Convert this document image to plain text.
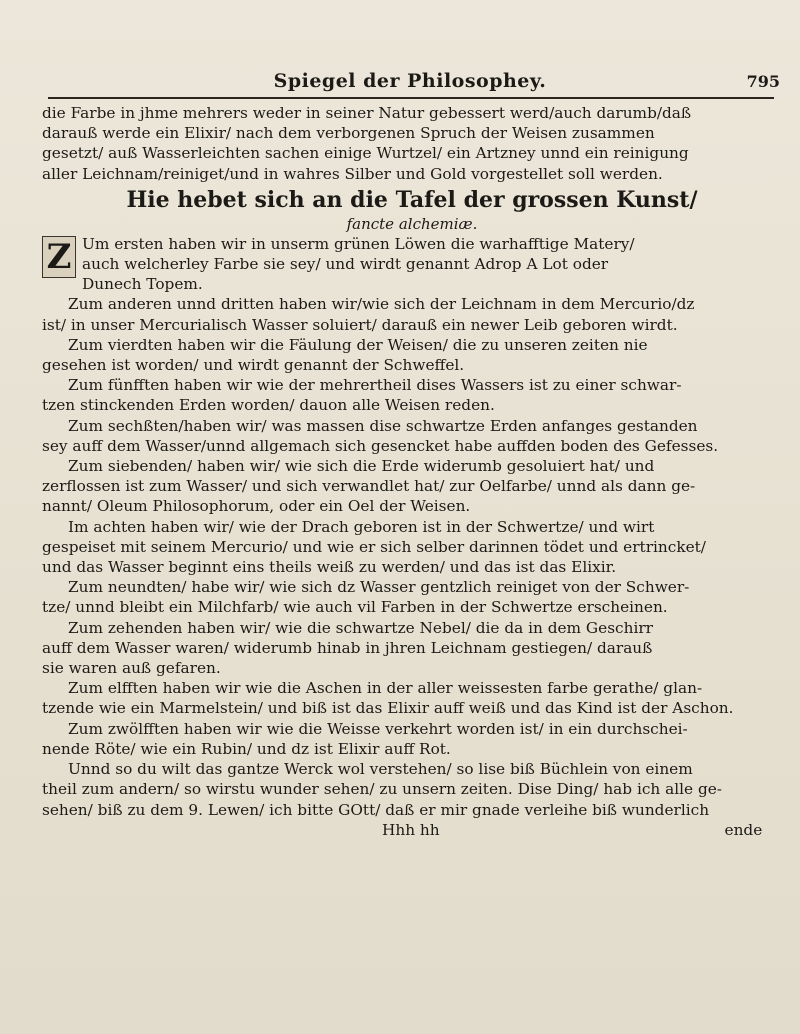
Spiegel der Philosophey.	795
die Farbe in jhme mehrers weder in seiner Natur gebessert werd/auch darumb/daß
darauß werde ein Elixir/ nach dem verborgenen Spruch der Weisen zusammen
gesetzt/ auß Wasserleichten sachen einige Wurtzel/ ein Artzney unnd ein reinigung
aller Leichnam/reiniget/und in wahres Silber und Gold vorgestellet soll werden.
Hie hebet sich an die Tafel der grossen Kunst/
fancte alchemiæ.
Z Um ersten haben wir in unserm grünen Löwen die warhafftige Matery/
auch welcherley Farbe sie sey/ und wirdt genannt Adrop A Lot oder
Dunech Topem.
Zum anderen unnd dritten haben wir/wie sich der Leichnam in dem Mercurio/dz
ist/ in unser Mercurialisch Wasser soluiert/ darauß ein newer Leib geboren wirdt.
Zum vierdten haben wir die Fäulung der Weisen/ die zu unseren zeiten nie
gesehen ist worden/ und wirdt genannt der Schweffel.
Zum fünfften haben wir wie der mehrertheil dises Wassers ist zu einer schwar-
tzen stinckenden Erden worden/ dauon alle Weisen reden.
Zum sechßten/haben wir/ was massen dise schwartze Erden anfanges gestanden
sey auff dem Wasser/unnd allgemach sich gesencket habe auffden boden des Gefesses.
Zum siebenden/ haben wir/ wie sich die Erde widerumb gesoluiert hat/ und
zerflossen ist zum Wasser/ und sich verwandlet hat/ zur Oelfarbe/ unnd als dann ge-
nannt/ Oleum Philosophorum, oder ein Oel der Weisen.
Im achten haben wir/ wie der Drach geboren ist in der Schwertze/ und wirt
gespeiset mit seinem Mercurio/ und wie er sich selber darinnen tödet und ertrincket/
und das Wasser beginnt eins theils weiß zu werden/ und das ist das Elixir.
Zum neundten/ habe wir/ wie sich dz Wasser gentzlich reiniget von der Schwer-
tze/ unnd bleibt ein Milchfarb/ wie auch vil Farben in der Schwertze erscheinen.
Zum zehenden haben wir/ wie die schwartze Nebel/ die da in dem Geschirr
auff dem Wasser waren/ widerumb hinab in jhren Leichnam gestiegen/ darauß
sie waren auß gefaren.
Zum elfften haben wir wie die Aschen in der aller weissesten farbe gerathe/ glan-
tzende wie ein Marmelstein/ und biß ist das Elixir auff weiß und das Kind ist der Aschon.
Zum zwölfften haben wir wie die Weisse verkehrt worden ist/ in ein durchschei-
nende Röte/ wie ein Rubin/ und dz ist Elixir auff Rot.
Unnd so du wilt das gantze Werck wol verstehen/ so lise biß Büchlein von einem
theil zum andern/ so wirstu wunder sehen/ zu unsern zeiten. Dise Ding/ hab ich alle ge-
sehen/ biß zu dem 9. Lewen/ ich bitte GOtt/ daß er mir gnade verleihe biß wunderlich
Hhh hh	ende
